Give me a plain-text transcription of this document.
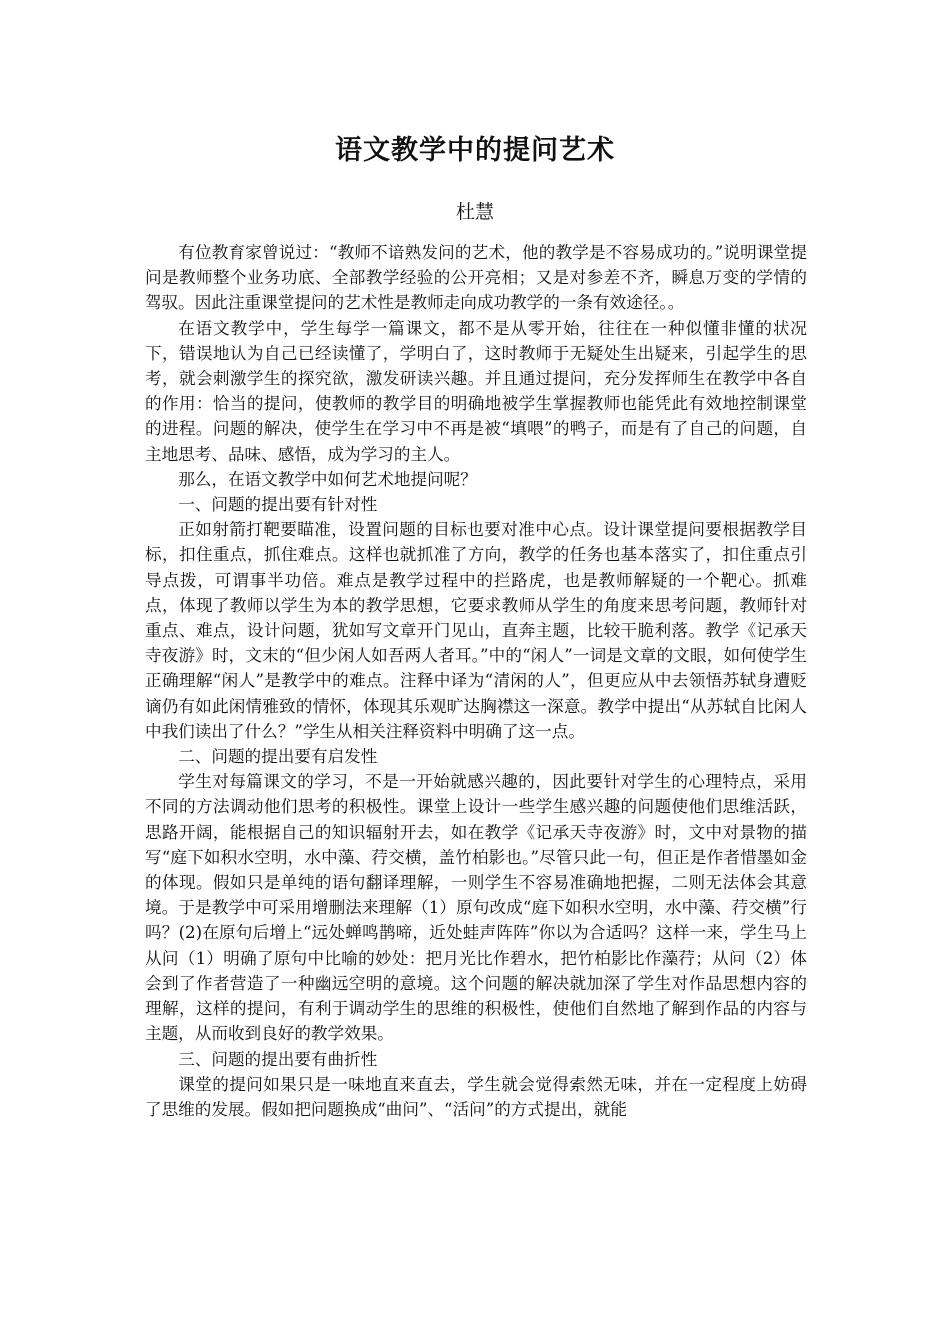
语文教学中的提问艺术
杜慧

有位教育家曾说过：“教师不谙熟发问的艺术，他的教学是不容易成功的。”说明课堂提问是教师整个业务功底、全部教学经验的公开亮相；又是对参差不齐，瞬息万变的学情的驾驭。因此注重课堂提问的艺术性是教师走向成功教学的一条有效途径。。

在语文教学中，学生每学一篇课文，都不是从零开始，往往在一种似懂非懂的状况下，错误地认为自己已经读懂了，学明白了，这时教师于无疑处生出疑来，引起学生的思考，就会刺激学生的探究欲，激发研读兴趣。并且通过提问，充分发挥师生在教学中各自的作用：恰当的提问，使教师的教学目的明确地被学生掌握教师也能凭此有效地控制课堂的进程。问题的解决，使学生在学习中不再是被“填喂”的鸭子，而是有了自己的问题，自主地思考、品味、感悟，成为学习的主人。

那么，在语文教学中如何艺术地提问呢？

一、问题的提出要有针对性

正如射箭打靶要瞄准，设置问题的目标也要对准中心点。设计课堂提问要根据教学目标，扣住重点，抓住难点。这样也就抓准了方向，教学的任务也基本落实了，扣住重点引导点拨，可谓事半功倍。难点是教学过程中的拦路虎，也是教师解疑的一个靶心。抓难点，体现了教师以学生为本的教学思想，它要求教师从学生的角度来思考问题，教师针对重点、难点，设计问题，犹如写文章开门见山，直奔主题，比较干脆利落。教学《记承天寺夜游》时，文末的“但少闲人如吾两人者耳。”中的“闲人”一词是文章的文眼，如何使学生正确理解“闲人”是教学中的难点。注释中译为“清闲的人”，但更应从中去领悟苏轼身遭贬谪仍有如此闲情雅致的情怀，体现其乐观旷达胸襟这一深意。教学中提出“从苏轼自比闲人中我们读出了什么？”学生从相关注释资料中明确了这一点。

二、问题的提出要有启发性

学生对每篇课文的学习，不是一开始就感兴趣的，因此要针对学生的心理特点，采用不同的方法调动他们思考的积极性。课堂上设计一些学生感兴趣的问题使他们思维活跃，思路开阔，能根据自己的知识辐射开去，如在教学《记承天寺夜游》时，文中对景物的描写“庭下如积水空明，水中藻、荇交横，盖竹柏影也。”尽管只此一句，但正是作者惜墨如金的体现。假如只是单纯的语句翻译理解，一则学生不容易准确地把握，二则无法体会其意境。于是教学中可采用增删法来理解（1）原句改成“庭下如积水空明，水中藻、荇交横”行吗？(2)在原句后增上“远处蝉鸣鹊啼，近处蛙声阵阵”你以为合适吗？这样一来，学生马上从问（1）明确了原句中比喻的妙处：把月光比作碧水，把竹柏影比作藻荇；从问（2）体会到了作者营造了一种幽远空明的意境。这个问题的解决就加深了学生对作品思想内容的理解，这样的提问，有利于调动学生的思维的积极性，使他们自然地了解到作品的内容与主题，从而收到良好的教学效果。

三、问题的提出要有曲折性

课堂的提问如果只是一味地直来直去，学生就会觉得索然无味，并在一定程度上妨碍了思维的发展。假如把问题换成“曲问”、“活问”的方式提出，就能
